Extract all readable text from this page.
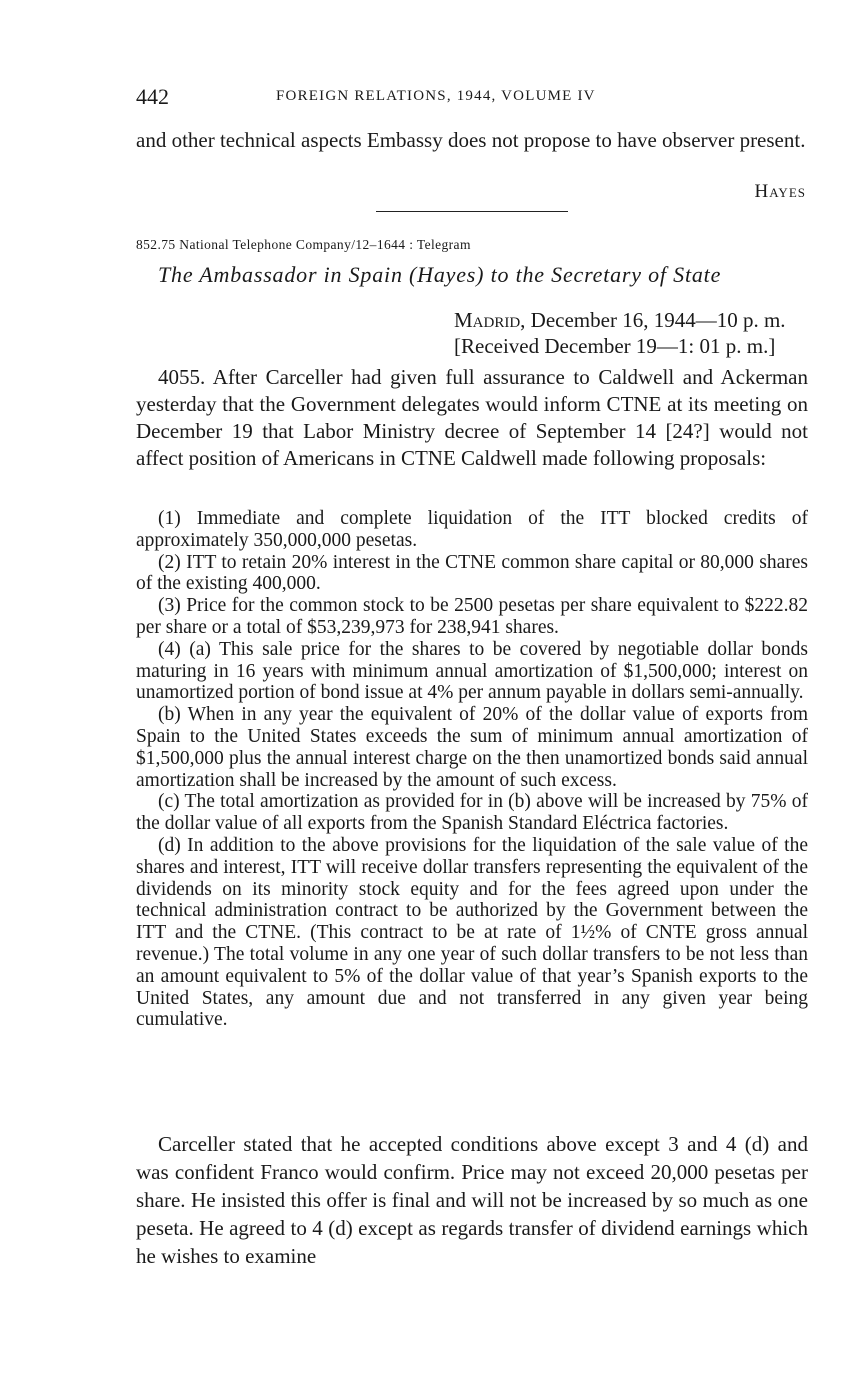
442	FOREIGN RELATIONS, 1944, VOLUME IV
and other technical aspects Embassy does not propose to have observer present.
Hayes
852.75 National Telephone Company/12–1644 : Telegram
The Ambassador in Spain (Hayes) to the Secretary of State
Madrid, December 16, 1944—10 p. m.
[Received December 19—1: 01 p. m.]
4055. After Carceller had given full assurance to Caldwell and Ackerman yesterday that the Government delegates would inform CTNE at its meeting on December 19 that Labor Ministry decree of September 14 [24?] would not affect position of Americans in CTNE Caldwell made following proposals:

(1) Immediate and complete liquidation of the ITT blocked credits of approximately 350,000,000 pesetas.

(2) ITT to retain 20% interest in the CTNE common share capital or 80,000 shares of the existing 400,000.

(3) Price for the common stock to be 2500 pesetas per share equivalent to $222.82 per share or a total of $53,239,973 for 238,941 shares.

(4) (a) This sale price for the shares to be covered by negotiable dollar bonds maturing in 16 years with minimum annual amortization of $1,500,000; interest on unamortized portion of bond issue at 4% per annum payable in dollars semi-annually.

(b) When in any year the equivalent of 20% of the dollar value of exports from Spain to the United States exceeds the sum of minimum annual amortization of $1,500,000 plus the annual interest charge on the then unamortized bonds said annual amortization shall be increased by the amount of such excess.

(c) The total amortization as provided for in (b) above will be increased by 75% of the dollar value of all exports from the Spanish Standard Eléctrica factories.

(d) In addition to the above provisions for the liquidation of the sale value of the shares and interest, ITT will receive dollar transfers representing the equivalent of the dividends on its minority stock equity and for the fees agreed upon under the technical administration contract to be authorized by the Government between the ITT and the CTNE. (This contract to be at rate of 1½% of CNTE gross annual revenue.) The total volume in any one year of such dollar transfers to be not less than an amount equivalent to 5% of the dollar value of that year’s Spanish exports to the United States, any amount due and not transferred in any given year being cumulative.

Carceller stated that he accepted conditions above except 3 and 4 (d) and was confident Franco would confirm. Price may not exceed 20,000 pesetas per share. He insisted this offer is final and will not be increased by so much as one peseta. He agreed to 4 (d) except as regards transfer of dividend earnings which he wishes to examine
